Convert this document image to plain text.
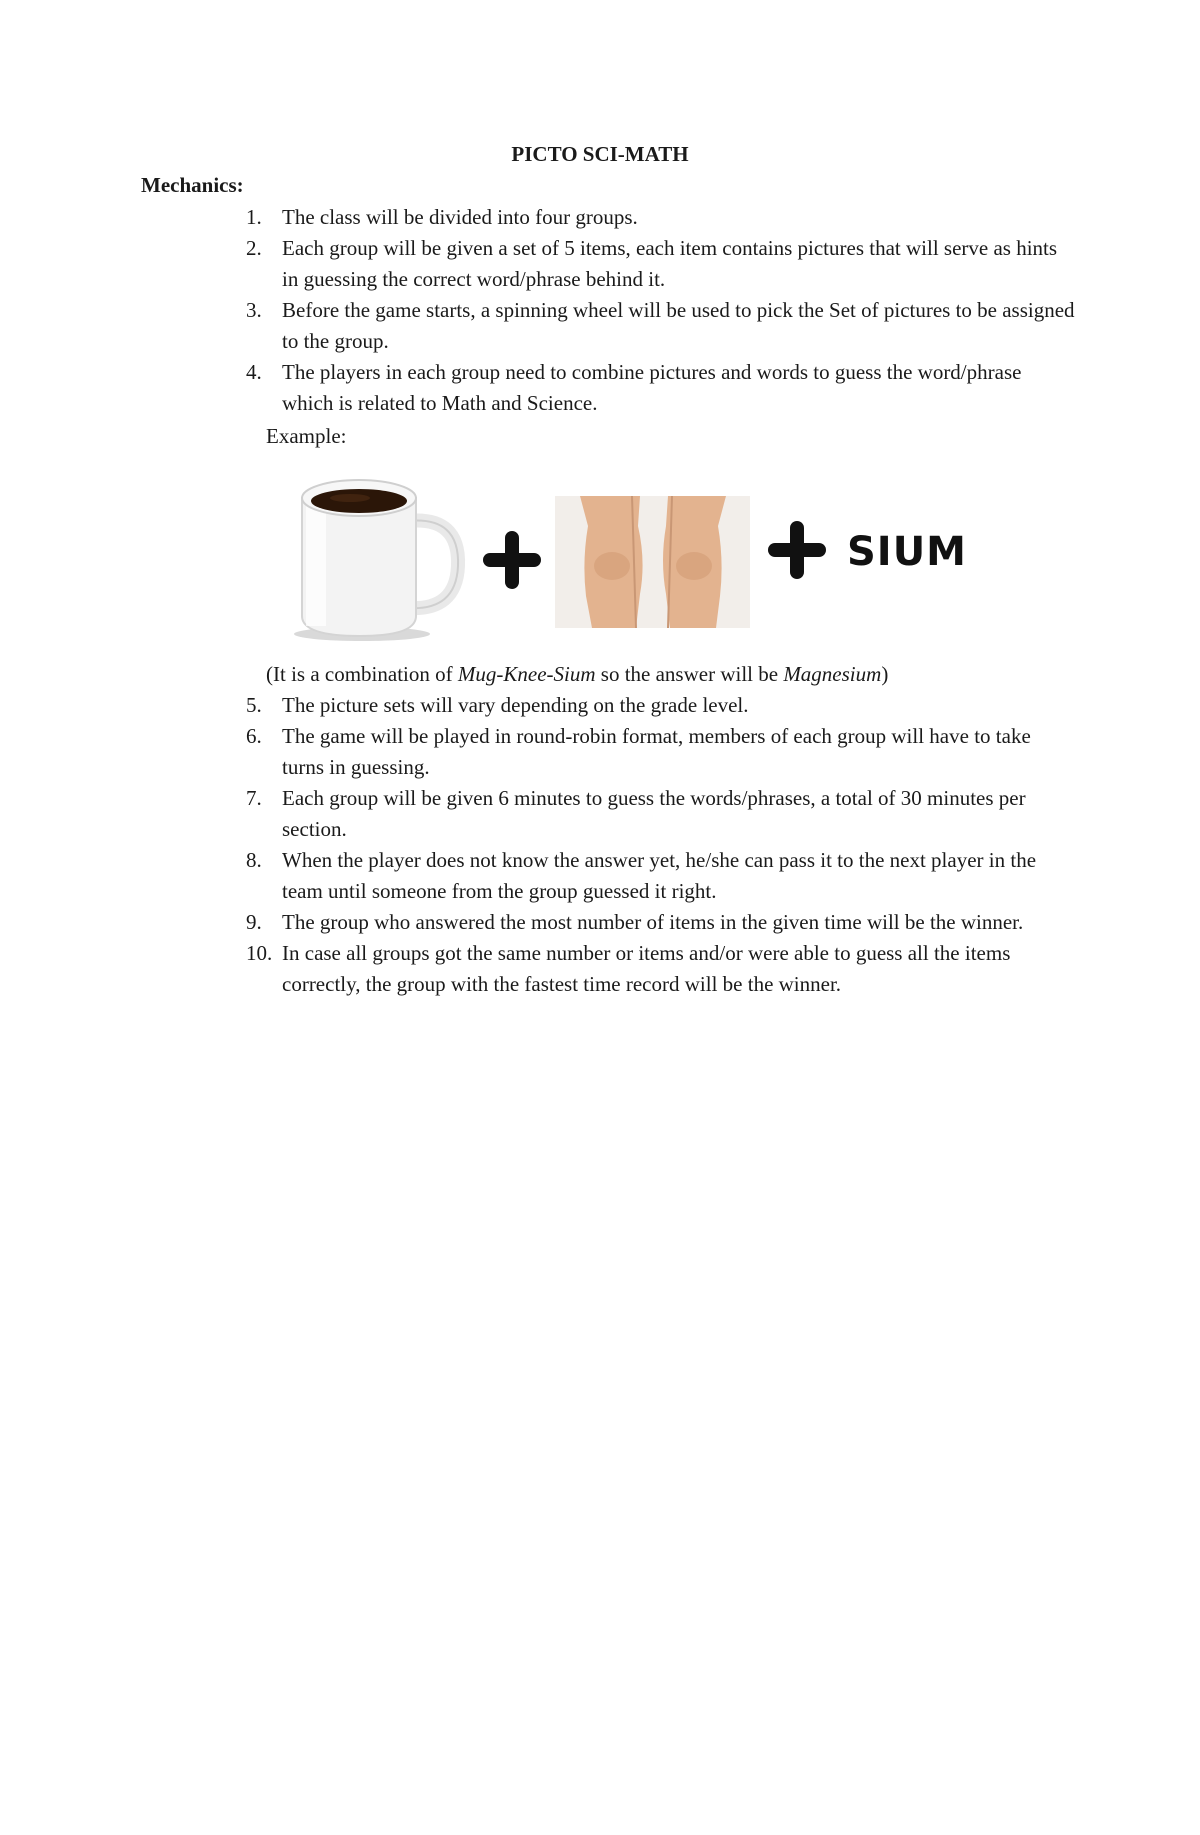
PICTO SCI-MATH
Mechanics:
1. The class will be divided into four groups.
2. Each group will be given a set of 5 items, each item contains pictures that will serve as hints in guessing the correct word/phrase behind it.
3. Before the game starts, a spinning wheel will be used to pick the Set of pictures to be assigned to the group.
4. The players in each group need to combine pictures and words to guess the word/phrase which is related to Math and Science.
Example:
SIUM
(It is a combination of Mug-Knee-Sium so the answer will be Magnesium)
5. The picture sets will vary depending on the grade level.
6. The game will be played in round-robin format, members of each group will have to take turns in guessing.
7. Each group will be given 6 minutes to guess the words/phrases, a total of 30 minutes per section.
8. When the player does not know the answer yet, he/she can pass it to the next player in the team until someone from the group guessed it right.
9. The group who answered the most number of items in the given time will be the winner.
10. In case all groups got the same number or items and/or were able to guess all the items correctly, the group with the fastest time record will be the winner.
